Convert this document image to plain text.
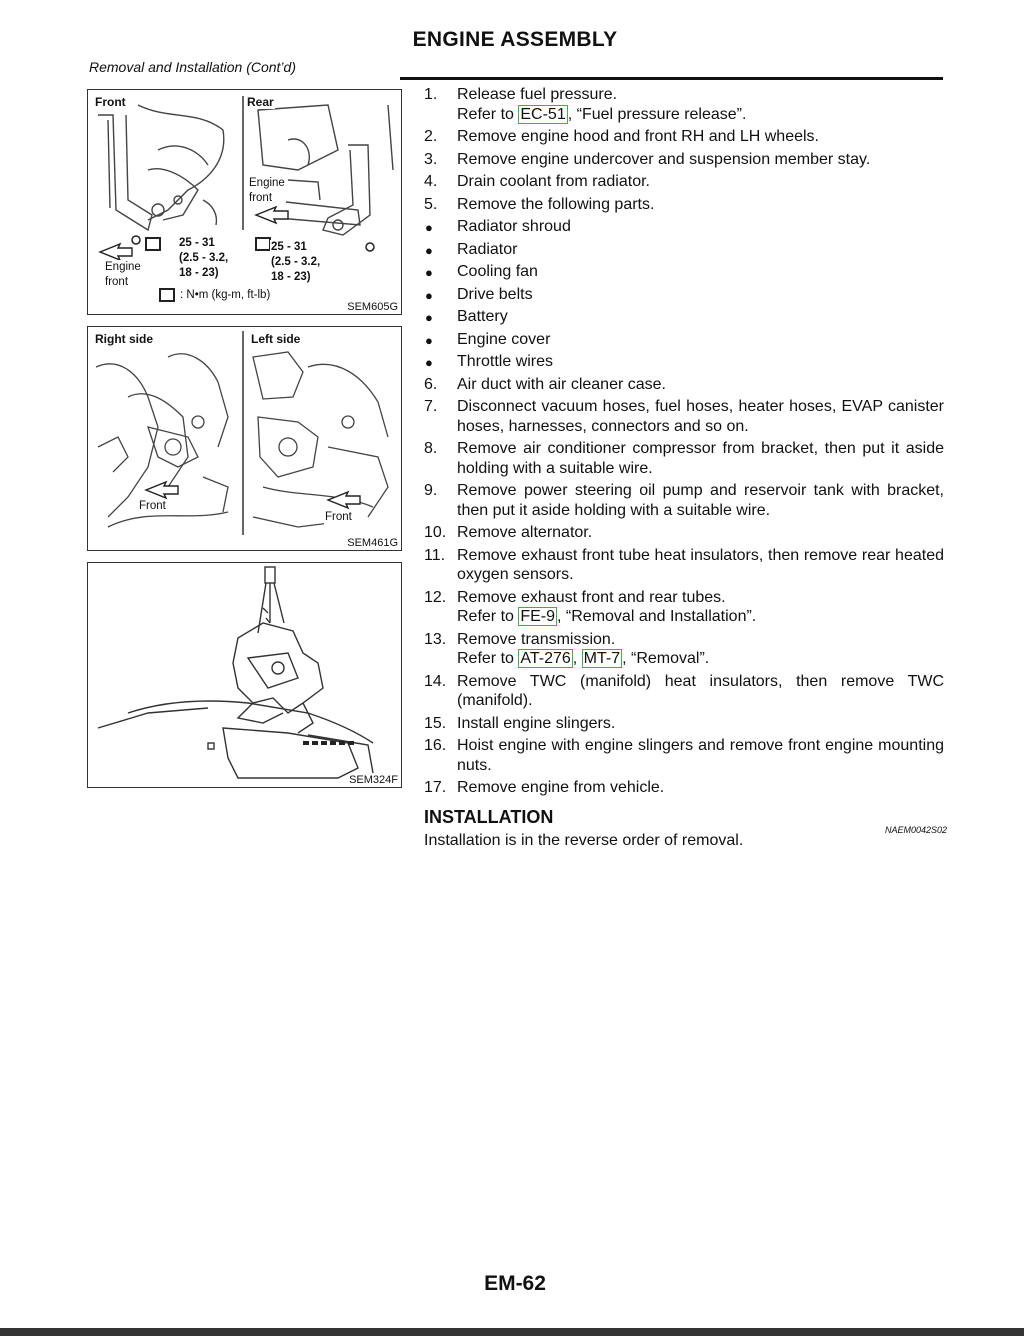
ENGINE ASSEMBLY
Removal and Installation (Cont’d)
Front	Rear
Engine
front
Engine
front
25 - 31
(2.5 - 3.2,
18 - 23)
25 - 31
(2.5 - 3.2,
18 - 23)
: N•m (kg-m, ft-lb)
SEM605G
Right side	Left side
Front
Front
SEM461G
SEM324F
1. Release fuel pressure.
Refer to EC-51 , “Fuel pressure release”.
2. Remove engine hood and front RH and LH wheels.
3. Remove engine undercover and suspension member stay.
4. Drain coolant from radiator.
5. Remove the following parts.
● Radiator shroud
● Radiator
● Cooling fan
● Drive belts
● Battery
● Engine cover
● Throttle wires
6. Air duct with air cleaner case.
7. Disconnect vacuum hoses, fuel hoses, heater hoses, EVAP canister hoses, harnesses, connectors and so on.
8. Remove air conditioner compressor from bracket, then put it aside holding with a suitable wire.
9. Remove power steering oil pump and reservoir tank with bracket, then put it aside holding with a suitable wire.
10. Remove alternator.
11. Remove exhaust front tube heat insulators, then remove rear heated oxygen sensors.
12. Remove exhaust front and rear tubes.
Refer to FE-9 , “Removal and Installation”.
13. Remove transmission.
Refer to AT-276 , MT-7 , “Removal”.
14. Remove TWC (manifold) heat insulators, then remove TWC (manifold).
15. Install engine slingers.
16. Hoist engine with engine slingers and remove front engine mounting nuts.
17. Remove engine from vehicle.
INSTALLATION
NAEM0042S02
Installation is in the reverse order of removal.
EM-62
